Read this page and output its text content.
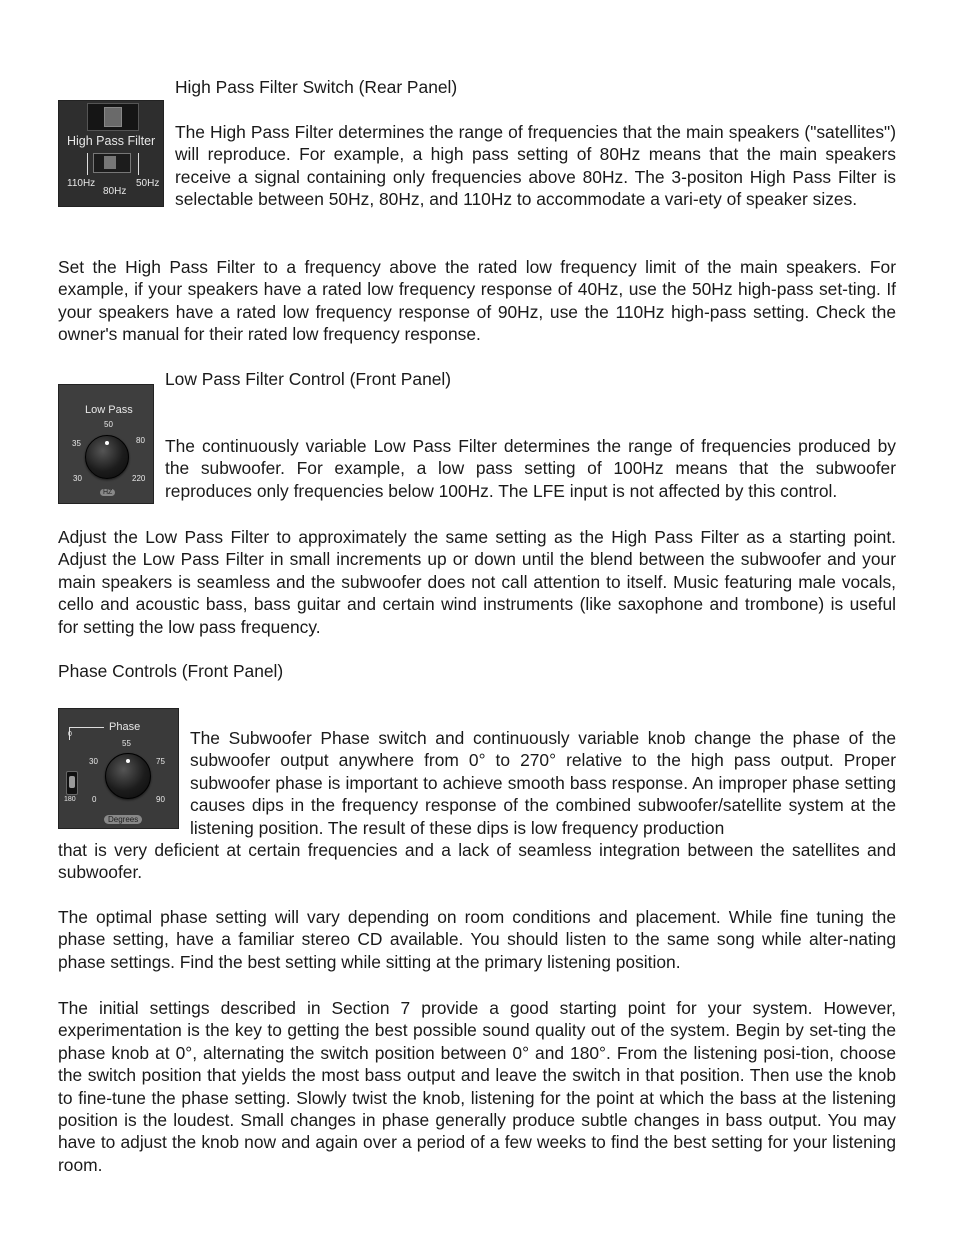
High Pass Filter Switch (Rear Panel)

High Pass Filter
110Hz
80Hz
50Hz

The High Pass Filter determines the range of frequencies that the main speakers ("satellites") will reproduce. For example, a high pass setting of 80Hz means that the main speakers receive a signal containing only frequencies above 80Hz. The 3-positon High Pass Filter is selectable between 50Hz, 80Hz, and 110Hz to accommodate a vari-ety of speaker sizes.

Set the High Pass Filter to a frequency above the rated low frequency limit of the main speakers. For example, if your speakers have a rated low frequency response of 40Hz, use the 50Hz high-pass set-ting. If your speakers have a rated low frequency response of 90Hz, use the 110Hz high-pass setting. Check the owner's manual for their rated low frequency response.

Low Pass Filter Control (Front Panel)

Low Pass
50
35	80
30	220
HZ

The continuously variable Low Pass Filter determines the range of frequencies produced by the subwoofer. For example, a low pass setting of 100Hz means that the subwoofer reproduces only frequencies below 100Hz. The LFE input is not affected by this control.

Adjust the Low Pass Filter to approximately the same setting as the High Pass Filter as a starting point. Adjust the Low Pass Filter in small increments up or down until the blend between the subwoofer and your main speakers is seamless and the subwoofer does not call attention to itself. Music featuring male vocals, cello and acoustic bass, bass guitar and certain wind instruments (like saxophone and trombone) is useful for setting the low pass frequency.

Phase Controls (Front Panel)

Phase
55
30	75
0	90
0
180
Degrees

The Subwoofer Phase switch and continuously variable knob change the phase of the subwoofer output anywhere from 0° to 270° relative to the high pass output. Proper subwoofer phase is important to achieve smooth bass response. An improper phase setting causes dips in the frequency response of the combined subwoofer/satellite system at the listening position. The result of these dips is low frequency production

that is very deficient at certain frequencies and a lack of seamless integration between the satellites and subwoofer.

The optimal phase setting will vary depending on room conditions and placement. While fine tuning the phase setting, have a familiar stereo CD available. You should listen to the same song while alter-nating phase settings. Find the best setting while sitting at the primary listening position.

The initial settings described in Section 7 provide a good starting point for your system. However, experimentation is the key to getting the best possible sound quality out of the system. Begin by set-ting the phase knob at 0°, alternating the switch position between 0° and 180°. From the listening posi-tion, choose the switch position that yields the most bass output and leave the switch in that position. Then use the knob to fine-tune the phase setting. Slowly twist the knob, listening for the point at which the bass at the listening position is the loudest. Small changes in phase generally produce subtle changes in bass output. You may have to adjust the knob now and again over a period of a few weeks to find the best setting for your listening room.
